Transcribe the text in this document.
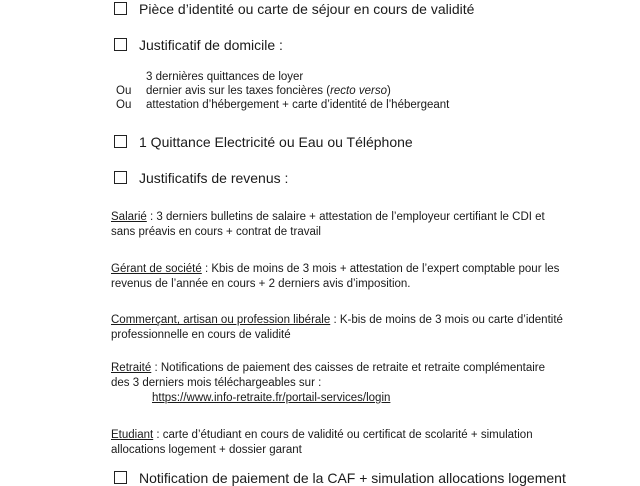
Pièce d’identité ou carte de séjour en cours de validité
Justificatif de domicile :
3 dernières quittances de loyer
Ou dernier avis sur les taxes foncières (recto verso)
Ou attestation d’hébergement + carte d’identité de l’hébergeant
1 Quittance Electricité ou Eau ou Téléphone
Justificatifs de revenus :
Salarié : 3 derniers bulletins de salaire + attestation de l’employeur certifiant le CDI et
sans préavis en cours + contrat de travail
Gérant de société : Kbis de moins de 3 mois + attestation de l’expert comptable pour les
revenus de l’année en cours + 2 derniers avis d’imposition.
Commerçant, artisan ou profession libérale : K-bis de moins de 3 mois ou carte d’identité
professionnelle en cours de validité
Retraité : Notifications de paiement des caisses de retraite et retraite complémentaire
des 3 derniers mois téléchargeables sur :
https://www.info-retraite.fr/portail-services/login
Etudiant : carte d’étudiant en cours de validité ou certificat de scolarité + simulation
allocations logement + dossier garant
Notification de paiement de la CAF + simulation allocations logement
